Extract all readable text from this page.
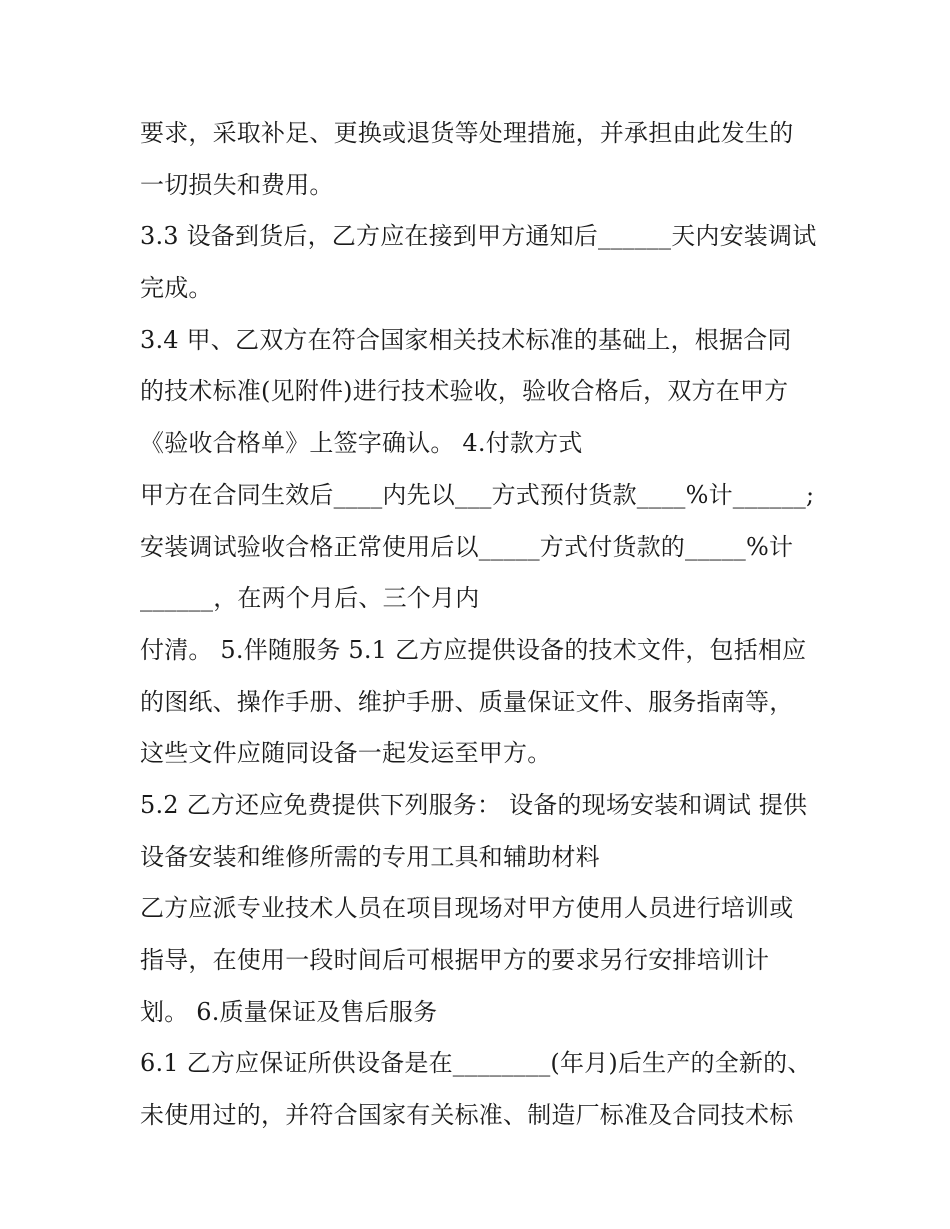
要求，采取补足、更换或退货等处理措施，并承担由此发生的
一切损失和费用。
3.3 设备到货后，乙方应在接到甲方通知后______天内安装调试
完成。
3.4 甲、乙双方在符合国家相关技术标准的基础上，根据合同
的技术标准(见附件)进行技术验收，验收合格后，双方在甲方
《验收合格单》上签字确认。 4.付款方式
甲方在合同生效后____内先以___方式预付货款____%计______;
安装调试验收合格正常使用后以_____方式付货款的_____%计
______，在两个月后、三个月内
付清。 5.伴随服务 5.1 乙方应提供设备的技术文件，包括相应
的图纸、操作手册、维护手册、质量保证文件、服务指南等，
这些文件应随同设备一起发运至甲方。
5.2 乙方还应免费提供下列服务： 设备的现场安装和调试 提供
设备安装和维修所需的专用工具和辅助材料
乙方应派专业技术人员在项目现场对甲方使用人员进行培训或
指导，在使用一段时间后可根据甲方的要求另行安排培训计
划。 6.质量保证及售后服务
6.1 乙方应保证所供设备是在________(年月)后生产的全新的、
未使用过的，并符合国家有关标准、制造厂标准及合同技术标
